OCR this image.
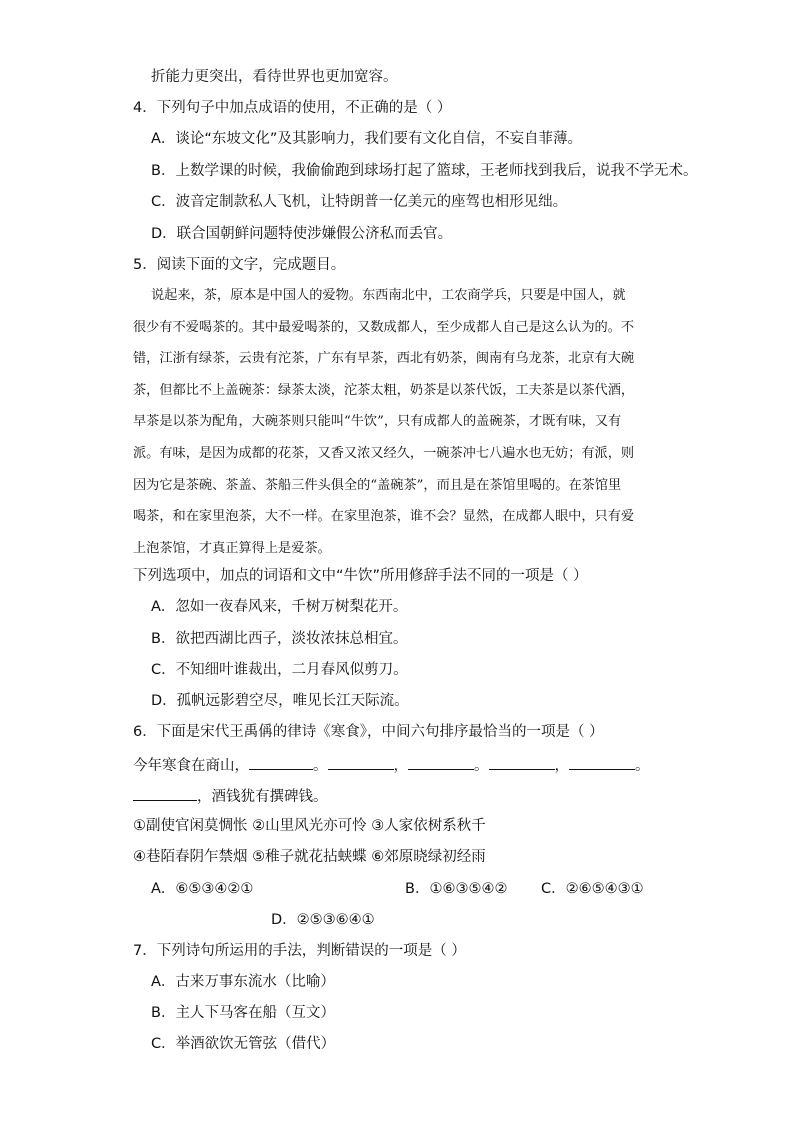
折能力更突出，看待世界也更加宽容。
4．下列句子中加点成语的使用，不正确的是（ ）
A．谈论“东坡文化”及其影响力，我们要有文化自信，不妄自菲薄。
B．上数学课的时候，我偷偷跑到球场打起了篮球，王老师找到我后，说我不学无术。
C．波音定制款私人飞机，让特朗普一亿美元的座驾也相形见绌。
D．联合国朝鲜问题特使涉嫌假公济私而丢官。
5．阅读下面的文字，完成题目。
说起来，茶，原本是中国人的爱物。东西南北中，工农商学兵，只要是中国人，就
很少有不爱喝茶的。其中最爱喝茶的，又数成都人，至少成都人自己是这么认为的。不
错，江浙有绿茶，云贵有沱茶，广东有早茶，西北有奶茶，闽南有乌龙茶，北京有大碗
茶，但都比不上盖碗茶：绿茶太淡，沱茶太粗，奶茶是以茶代饭，工夫茶是以茶代酒，
早茶是以茶为配角，大碗茶则只能叫“牛饮”，只有成都人的盖碗茶，才既有味，又有
派。有味，是因为成都的花茶，又香又浓又经久，一碗茶冲七八遍水也无妨；有派，则
因为它是茶碗、茶盖、茶船三件头俱全的“盖碗茶”，而且是在茶馆里喝的。在茶馆里
喝茶，和在家里泡茶，大不一样。在家里泡茶，谁不会？显然，在成都人眼中，只有爱
上泡茶馆，才真正算得上是爱茶。
下列选项中，加点的词语和文中“牛饮”所用修辞手法不同的一项是（ ）
A．忽如一夜春风来，千树万树梨花开。
B．欲把西湖比西子，淡妆浓抹总相宜。
C．不知细叶谁裁出，二月春风似剪刀。
D．孤帆远影碧空尽，唯见长江天际流。
6．下面是宋代王禹偁的律诗《寒食》，中间六句排序最恰当的一项是（ ）
今年寒食在商山，	。	，	。	，	。
，酒钱犹有撰碑钱。
①副使官闲莫惆怅 ②山里风光亦可怜 ③人家依树系秋千
④巷陌春阴乍禁烟 ⑤稚子就花拈蛱蝶 ⑥郊原晓绿初经雨
A．⑥⑤③④②①	B．①⑥③⑤④② C．②⑥⑤④③①
D．②⑤③⑥④①
7．下列诗句所运用的手法，判断错误的一项是（ ）
A．古来万事东流水（比喻）
B．主人下马客在船（互文）
C．举酒欲饮无管弦（借代）
